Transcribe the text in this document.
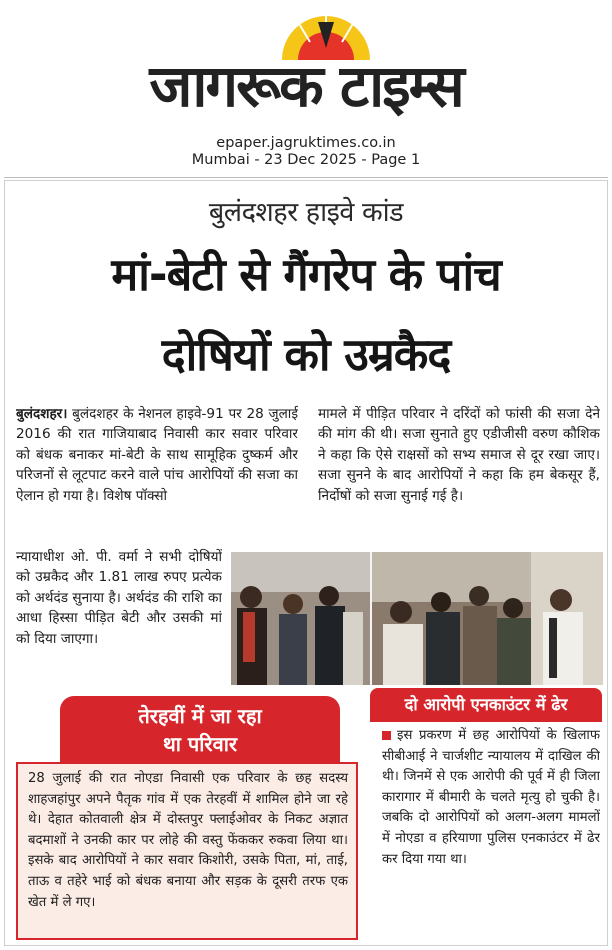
जागरूक टाइम्स
epaper.jagruktimes.co.in
Mumbai - 23 Dec 2025 - Page 1
बुलंदशहर हाइवे कांड
मां-बेटी से गैंगरेप के पांच
दोषियों को उम्रकैद
बुलंदशहर। बुलंदशहर के नेशनल हाइवे-91 पर 28 जुलाई 2016 की रात गाजियाबाद निवासी कार सवार परिवार को बंधक बनाकर मां-बेटी के साथ सामूहिक दुष्कर्म और परिजनों से लूटपाट करने वाले पांच आरोपियों की सजा का ऐलान हो गया है। विशेष पॉक्सो
न्यायाधीश ओ. पी. वर्मा ने सभी दोषियों को उम्रकैद और 1.81 लाख रुपए प्रत्येक को अर्थदंड सुनाया है। अर्थदंड की राशि का आधा हिस्सा पीड़ित बेटी और उसकी मां को दिया जाएगा।
मामले में पीड़ित परिवार ने दरिंदों को फांसी की सजा देने की मांग की थी। सजा सुनाते हुए एडीजीसी वरुण कौशिक ने कहा कि ऐसे राक्षसों को सभ्य समाज से दूर रखा जाए। सजा सुनने के बाद आरोपियों ने कहा कि हम बेकसूर हैं, निर्दोषों को सजा सुनाई गई है।
तेरहवीं में जा रहा
था परिवार
28 जुलाई की रात नोएडा निवासी एक परिवार के छह सदस्य शाहजहांपुर अपने पैतृक गांव में एक तेरहवीं में शामिल होने जा रहे थे। देहात कोतवाली क्षेत्र में दोस्तपुर फ्लाईओवर के निकट अज्ञात बदमाशों ने उनकी कार पर लोहे की वस्तु फेंककर रुकवा लिया था। इसके बाद आरोपियों ने कार सवार किशोरी, उसके पिता, मां, ताई, ताऊ व तहेरे भाई को बंधक बनाया और सड़क के दूसरी तरफ एक खेत में ले गए।
दो आरोपी एनकाउंटर में ढेर
इस प्रकरण में छह आरोपियों के खिलाफ सीबीआई ने चार्जशीट न्यायालय में दाखिल की थी। जिनमें से एक आरोपी की पूर्व में ही जिला कारागार में बीमारी के चलते मृत्यु हो चुकी है। जबकि दो आरोपियों को अलग-अलग मामलों में नोएडा व हरियाणा पुलिस एनकाउंटर में ढेर कर दिया गया था।
